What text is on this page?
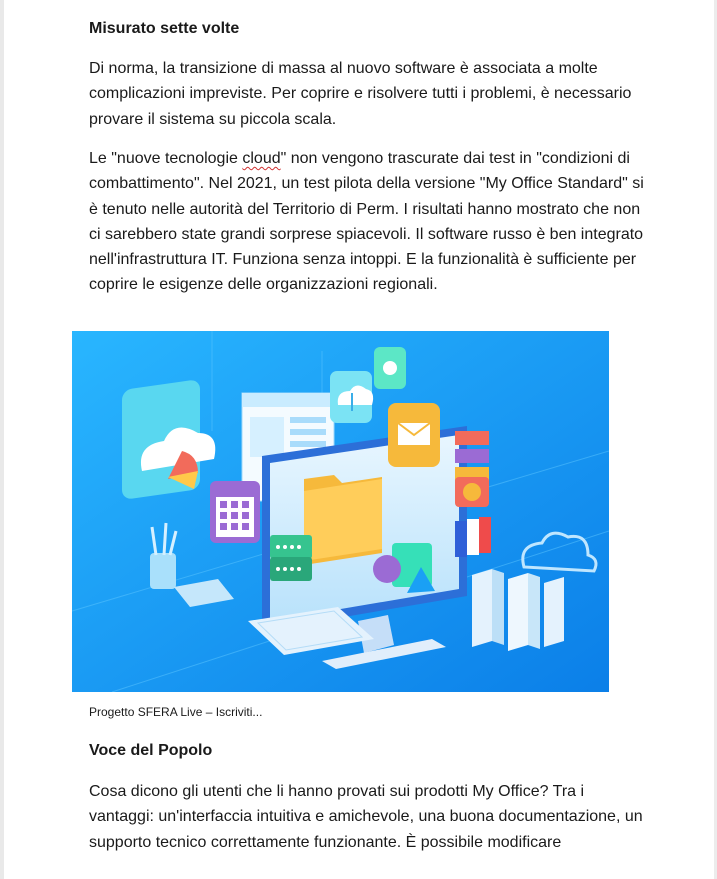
Misurato sette volte
Di norma, la transizione di massa al nuovo software è associata a molte complicazioni impreviste. Per coprire e risolvere tutti i problemi, è necessario provare il sistema su piccola scala.
Le "nuove tecnologie cloud" non vengono trascurate dai test in "condizioni di combattimento". Nel 2021, un test pilota della versione "My Office Standard" si è tenuto nelle autorità del Territorio di Perm. I risultati hanno mostrato che non ci sarebbero state grandi sorprese spiacevoli. Il software russo è ben integrato nell'infrastruttura IT. Funziona senza intoppi. E la funzionalità è sufficiente per coprire le esigenze delle organizzazioni regionali.
Progetto SFERA Live – Iscriviti...
Voce del Popolo
Cosa dicono gli utenti che li hanno provati sui prodotti My Office? Tra i vantaggi: un'interfaccia intuitiva e amichevole, una buona documentazione, un supporto tecnico correttamente funzionante. È possibile modificare
